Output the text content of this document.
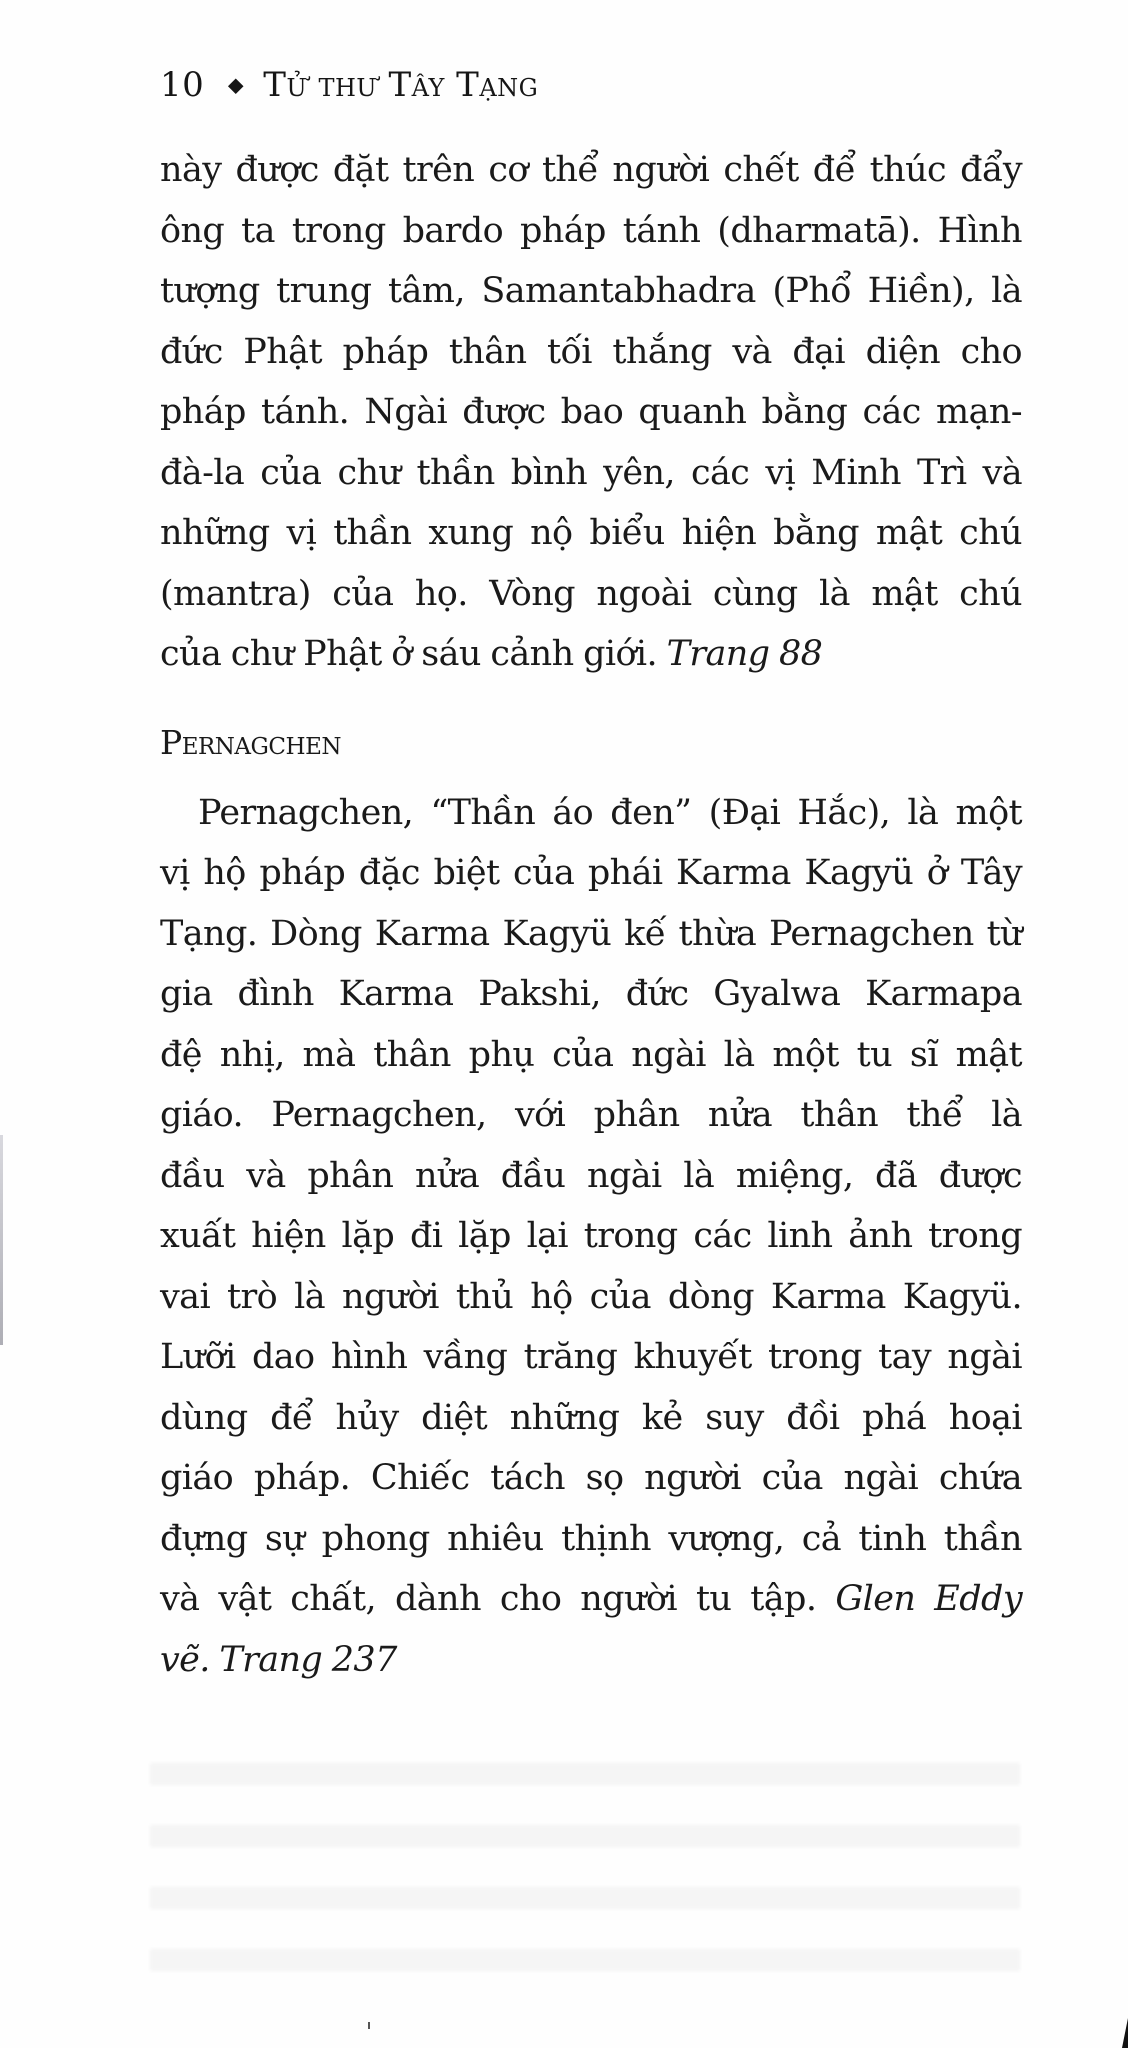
10 Tử thư Tây Tạng

này được đặt trên cơ thể người chết để thúc đẩy
ông ta trong bardo pháp tánh (dharmatā). Hình
tượng trung tâm, Samantabhadra (Phổ Hiền), là
đức Phật pháp thân tối thắng và đại diện cho
pháp tánh. Ngài được bao quanh bằng các mạn-
đà-la của chư thần bình yên, các vị Minh Trì và
những vị thần xung nộ biểu hiện bằng mật chú
(mantra) của họ. Vòng ngoài cùng là mật chú
của chư Phật ở sáu cảnh giới. Trang 88

Pernagchen

Pernagchen, “Thần áo đen” (Đại Hắc), là một
vị hộ pháp đặc biệt của phái Karma Kagyü ở Tây
Tạng. Dòng Karma Kagyü kế thừa Pernagchen từ
gia đình Karma Pakshi, đức Gyalwa Karmapa
đệ nhị, mà thân phụ của ngài là một tu sĩ mật
giáo. Pernagchen, với phân nửa thân thể là
đầu và phân nửa đầu ngài là miệng, đã được
xuất hiện lặp đi lặp lại trong các linh ảnh trong
vai trò là người thủ hộ của dòng Karma Kagyü.
Lưỡi dao hình vầng trăng khuyết trong tay ngài
dùng để hủy diệt những kẻ suy đồi phá hoại
giáo pháp. Chiếc tách sọ người của ngài chứa
đựng sự phong nhiêu thịnh vượng, cả tinh thần
và vật chất, dành cho người tu tập. Glen Eddy
vẽ. Trang 237
